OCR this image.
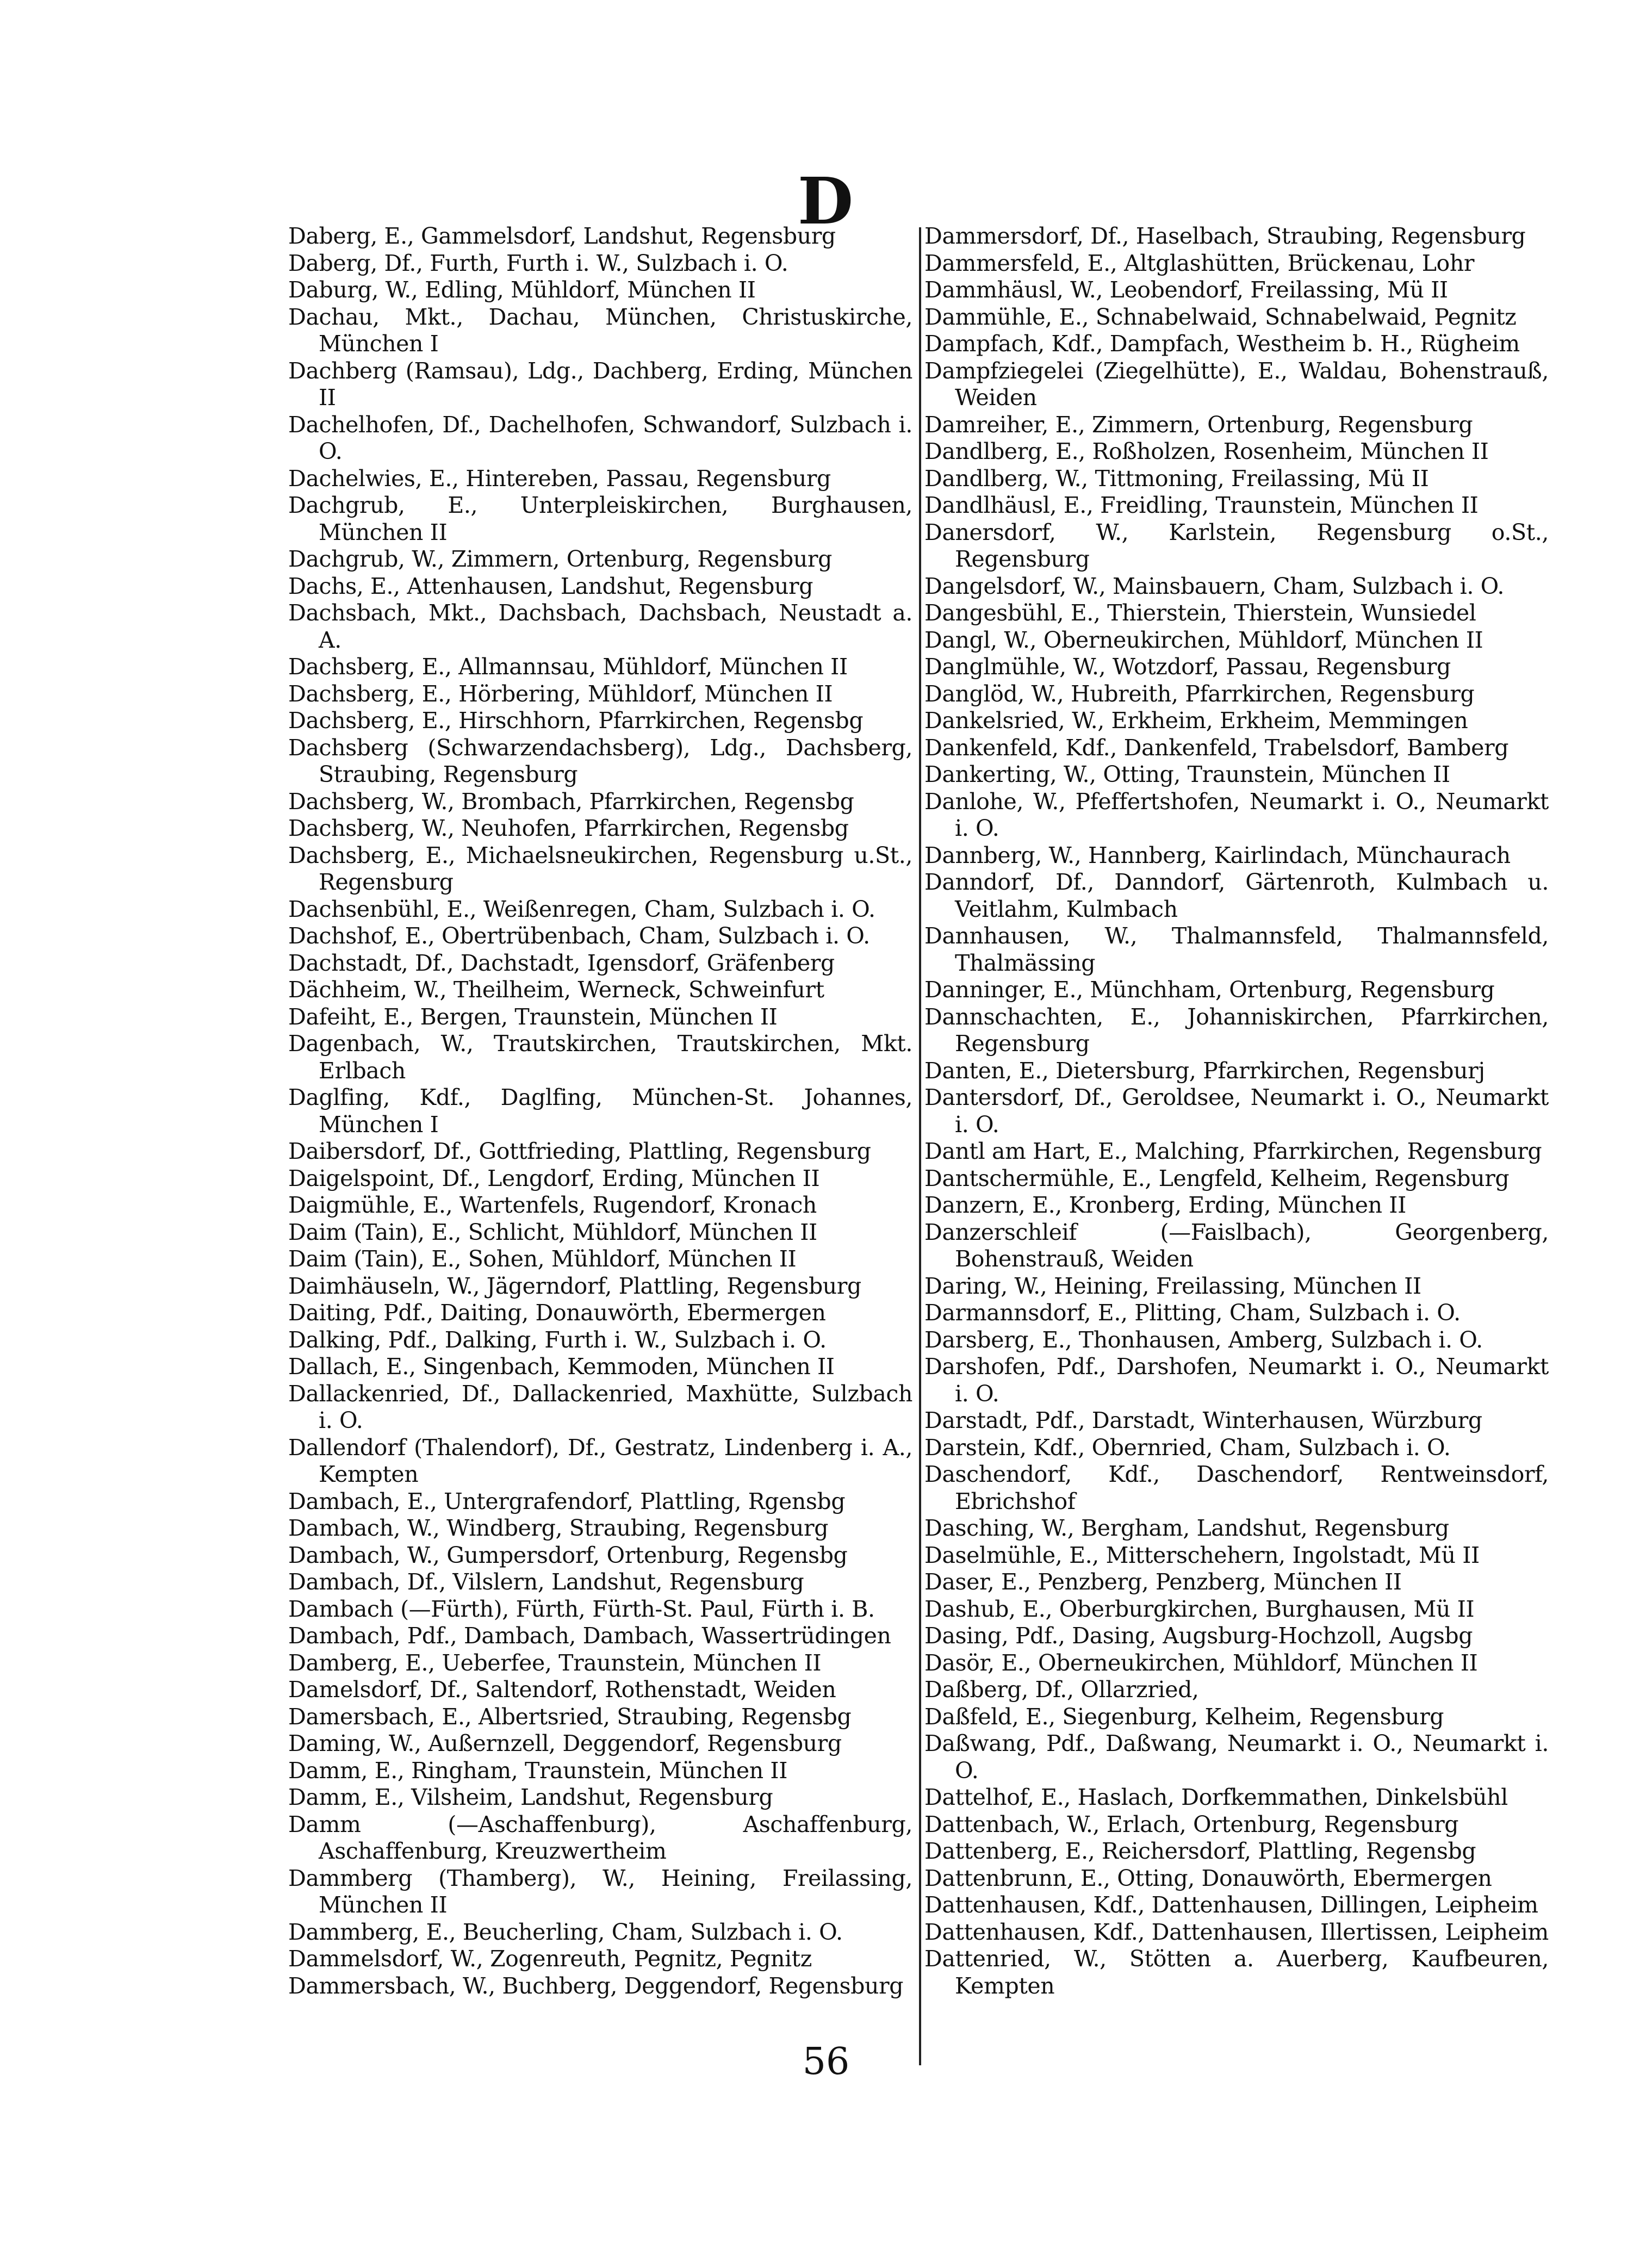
D

Daberg, E., Gammelsdorf, Landshut, Regensburg

Daberg, Df., Furth, Furth i. W., Sulzbach i. O.

Daburg, W., Edling, Mühldorf, München II

Dachau, Mkt., Dachau, München, Christuskirche, München I

Dachberg (Ramsau), Ldg., Dachberg, Erding, München II

Dachelhofen, Df., Dachelhofen, Schwandorf, Sulzbach i. O.

Dachelwies, E., Hintereben, Passau, Regensburg

Dachgrub, E., Unterpleiskirchen, Burghausen, München II

Dachgrub, W., Zimmern, Ortenburg, Regensburg

Dachs, E., Attenhausen, Landshut, Regensburg

Dachsbach, Mkt., Dachsbach, Dachsbach, Neustadt a. A.

Dachsberg, E., Allmannsau, Mühldorf, München II

Dachsberg, E., Hörbering, Mühldorf, München II

Dachsberg, E., Hirschhorn, Pfarrkirchen, Regensbg

Dachsberg (Schwarzendachsberg), Ldg., Dachsberg, Straubing, Regensburg

Dachsberg, W., Brombach, Pfarrkirchen, Regensbg

Dachsberg, W., Neuhofen, Pfarrkirchen, Regensbg

Dachsberg, E., Michaelsneukirchen, Regensburg u.St., Regensburg

Dachsenbühl, E., Weißenregen, Cham, Sulzbach i. O.

Dachshof, E., Obertrübenbach, Cham, Sulzbach i. O.

Dachstadt, Df., Dachstadt, Igensdorf, Gräfenberg

Dächheim, W., Theilheim, Werneck, Schweinfurt

Dafeiht, E., Bergen, Traunstein, München II

Dagenbach, W., Trautskirchen, Trautskirchen, Mkt. Erlbach

Daglfing, Kdf., Daglfing, München-St. Johannes, München I

Daibersdorf, Df., Gottfrieding, Plattling, Regensburg

Daigelspoint, Df., Lengdorf, Erding, München II

Daigmühle, E., Wartenfels, Rugendorf, Kronach

Daim (Tain), E., Schlicht, Mühldorf, München II

Daim (Tain), E., Sohen, Mühldorf, München II

Daimhäuseln, W., Jägerndorf, Plattling, Regensburg

Daiting, Pdf., Daiting, Donauwörth, Ebermergen

Dalking, Pdf., Dalking, Furth i. W., Sulzbach i. O.

Dallach, E., Singenbach, Kemmoden, München II

Dallackenried, Df., Dallackenried, Maxhütte, Sulzbach i. O.

Dallendorf (Thalendorf), Df., Gestratz, Lindenberg i. A., Kempten

Dambach, E., Untergrafendorf, Plattling, Rgensbg

Dambach, W., Windberg, Straubing, Regensburg

Dambach, W., Gumpersdorf, Ortenburg, Regensbg

Dambach, Df., Vilslern, Landshut, Regensburg

Dambach (—Fürth), Fürth, Fürth-St. Paul, Fürth i. B.

Dambach, Pdf., Dambach, Dambach, Wassertrüdingen

Damberg, E., Ueberfee, Traunstein, München II

Damelsdorf, Df., Saltendorf, Rothenstadt, Weiden

Damersbach, E., Albertsried, Straubing, Regensbg

Daming, W., Außernzell, Deggendorf, Regensburg

Damm, E., Ringham, Traunstein, München II

Damm, E., Vilsheim, Landshut, Regensburg

Damm (—Aschaffenburg), Aschaffenburg, Aschaffenburg, Kreuzwertheim

Dammberg (Thamberg), W., Heining, Freilassing, München II

Dammberg, E., Beucherling, Cham, Sulzbach i. O.

Dammelsdorf, W., Zogenreuth, Pegnitz, Pegnitz

Dammersbach, W., Buchberg, Deggendorf, Regensburg

Dammersdorf, Df., Haselbach, Straubing, Regensburg

Dammersfeld, E., Altglashütten, Brückenau, Lohr

Dammhäusl, W., Leobendorf, Freilassing, Mü II

Dammühle, E., Schnabelwaid, Schnabelwaid, Pegnitz

Dampfach, Kdf., Dampfach, Westheim b. H., Rügheim

Dampfziegelei (Ziegelhütte), E., Waldau, Bohenstrauß, Weiden

Damreiher, E., Zimmern, Ortenburg, Regensburg

Dandlberg, E., Roßholzen, Rosenheim, München II

Dandlberg, W., Tittmoning, Freilassing, Mü II

Dandlhäusl, E., Freidling, Traunstein, München II

Danersdorf, W., Karlstein, Regensburg o.St., Regensburg

Dangelsdorf, W., Mainsbauern, Cham, Sulzbach i. O.

Dangesbühl, E., Thierstein, Thierstein, Wunsiedel

Dangl, W., Oberneukirchen, Mühldorf, München II

Danglmühle, W., Wotzdorf, Passau, Regensburg

Danglöd, W., Hubreith, Pfarrkirchen, Regensburg

Dankelsried, W., Erkheim, Erkheim, Memmingen

Dankenfeld, Kdf., Dankenfeld, Trabelsdorf, Bamberg

Dankerting, W., Otting, Traunstein, München II

Danlohe, W., Pfeffertshofen, Neumarkt i. O., Neumarkt i. O.

Dannberg, W., Hannberg, Kairlindach, Münchaurach

Danndorf, Df., Danndorf, Gärtenroth, Kulmbach u. Veitlahm, Kulmbach

Dannhausen, W., Thalmannsfeld, Thalmannsfeld, Thalmässing

Danninger, E., Münchham, Ortenburg, Regensburg

Dannschachten, E., Johanniskirchen, Pfarrkirchen, Regensburg

Danten, E., Dietersburg, Pfarrkirchen, Regensburj

Dantersdorf, Df., Geroldsee, Neumarkt i. O., Neumarkt i. O.

Dantl am Hart, E., Malching, Pfarrkirchen, Regensburg

Dantschermühle, E., Lengfeld, Kelheim, Regensburg

Danzern, E., Kronberg, Erding, München II

Danzerschleif (—Faislbach), Georgenberg, Bohenstrauß, Weiden

Daring, W., Heining, Freilassing, München II

Darmannsdorf, E., Plitting, Cham, Sulzbach i. O.

Darsberg, E., Thonhausen, Amberg, Sulzbach i. O.

Darshofen, Pdf., Darshofen, Neumarkt i. O., Neumarkt i. O.

Darstadt, Pdf., Darstadt, Winterhausen, Würzburg

Darstein, Kdf., Obernried, Cham, Sulzbach i. O.

Daschendorf, Kdf., Daschendorf, Rentweinsdorf, Ebrichshof

Dasching, W., Bergham, Landshut, Regensburg

Daselmühle, E., Mitterschehern, Ingolstadt, Mü II

Daser, E., Penzberg, Penzberg, München II

Dashub, E., Oberburgkirchen, Burghausen, Mü II

Dasing, Pdf., Dasing, Augsburg-Hochzoll, Augsbg

Dasör, E., Oberneukirchen, Mühldorf, München II

Daßberg, Df., Ollarzried,

Daßfeld, E., Siegenburg, Kelheim, Regensburg

Daßwang, Pdf., Daßwang, Neumarkt i. O., Neumarkt i. O.

Dattelhof, E., Haslach, Dorfkemmathen, Dinkelsbühl

Dattenbach, W., Erlach, Ortenburg, Regensburg

Dattenberg, E., Reichersdorf, Plattling, Regensbg

Dattenbrunn, E., Otting, Donauwörth, Ebermergen

Dattenhausen, Kdf., Dattenhausen, Dillingen, Leipheim

Dattenhausen, Kdf., Dattenhausen, Illertissen, Leipheim

Dattenried, W., Stötten a. Auerberg, Kaufbeuren, Kempten

56
